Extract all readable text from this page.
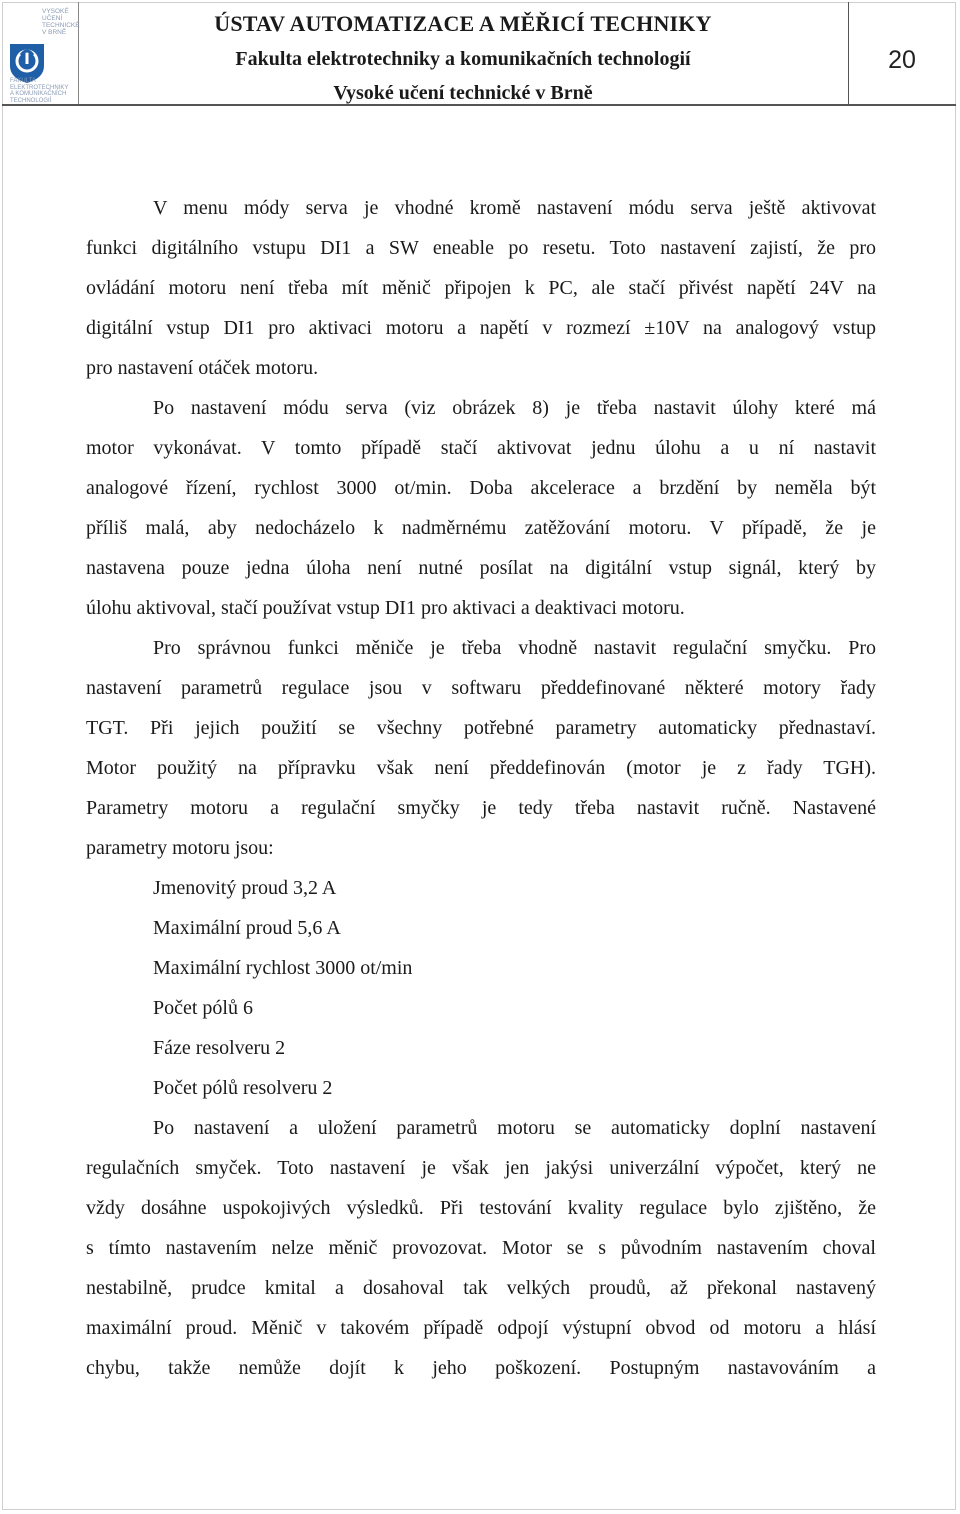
VYSOKÉ
UČENÍ
TECHNICKÉ
V BRNĚ
FAKULTA
ELEKTROTECHNIKY
A KOMUNIKAČNÍCH
TECHNOLOGIÍ
ÚSTAV AUTOMATIZACE A MĚŘICÍ TECHNIKY
Fakulta elektrotechniky a komunikačních technologií
Vysoké učení technické v Brně
20
V menu módy serva je vhodné kromě nastavení módu serva ještě aktivovat
funkci digitálního vstupu DI1 a SW eneable po resetu. Toto nastavení zajistí, že pro
ovládání motoru není třeba mít měnič připojen k PC, ale stačí přivést napětí 24V na
digitální vstup DI1 pro aktivaci motoru a napětí v rozmezí ±10V na analogový vstup
pro nastavení otáček motoru.
Po nastavení módu serva (viz obrázek 8) je třeba nastavit úlohy které má
motor vykonávat. V tomto případě stačí aktivovat jednu úlohu a u ní nastavit
analogové řízení, rychlost 3000 ot/min. Doba akcelerace a brzdění by neměla být
příliš malá, aby nedocházelo k nadměrnému zatěžování motoru. V případě, že je
nastavena pouze jedna úloha není nutné posílat na digitální vstup signál, který by
úlohu aktivoval, stačí používat vstup DI1 pro aktivaci a deaktivaci motoru.
Pro správnou funkci měniče je třeba vhodně nastavit regulační smyčku. Pro
nastavení parametrů regulace jsou v softwaru předdefinované některé motory řady
TGT. Při jejich použití se všechny potřebné parametry automaticky přednastaví.
Motor použitý na přípravku však není předdefinován (motor je z řady TGH).
Parametry motoru a regulační smyčky je tedy třeba nastavit ručně. Nastavené
parametry motoru jsou:
Jmenovitý proud 3,2 A
Maximální proud 5,6 A
Maximální rychlost 3000 ot/min
Počet pólů 6
Fáze resolveru 2
Počet pólů resolveru 2
Po nastavení a uložení parametrů motoru se automaticky doplní nastavení
regulačních smyček. Toto nastavení je však jen jakýsi univerzální výpočet, který ne
vždy dosáhne uspokojivých výsledků. Při testování kvality regulace bylo zjištěno, že
s tímto nastavením nelze měnič provozovat. Motor se s původním nastavením choval
nestabilně, prudce kmital a dosahoval tak velkých proudů, až překonal nastavený
maximální proud. Měnič v takovém případě odpojí výstupní obvod od motoru a hlásí
chybu, takže nemůže dojít k jeho poškození. Postupným nastavováním a
